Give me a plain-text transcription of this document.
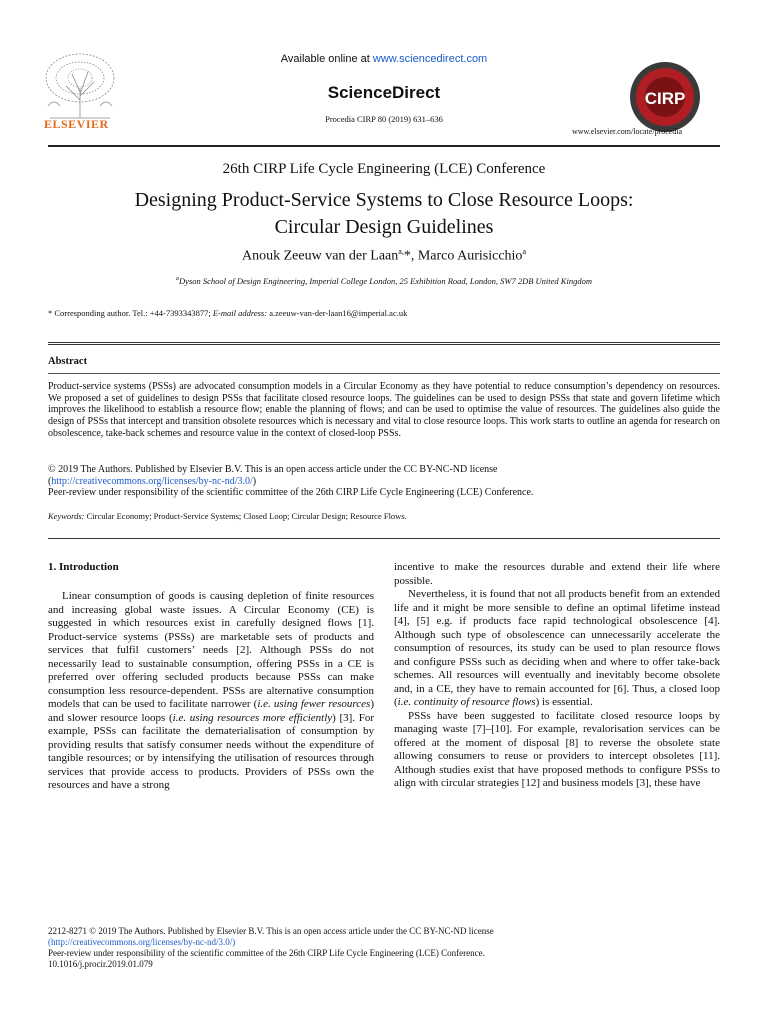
ELSEVIER
Available online at www.sciencedirect.com
ScienceDirect
Procedia CIRP 80 (2019) 631–636
CIRP
www.elsevier.com/locate/procedia
26th CIRP Life Cycle Engineering (LCE) Conference
Designing Product-Service Systems to Close Resource Loops:
Circular Design Guidelines
Anouk Zeeuw van der Laan$^{a,}$*, Marco Aurisicchio$^a$
$^a$Dyson School of Design Engineering, Imperial College London, 25 Exhibition Road, London, SW7 2DB United Kingdom
* Corresponding author. Tel.: +44-7393343877; E-mail address: a.zeeuw-van-der-laan16@imperial.ac.uk
Abstract
Product-service systems (PSSs) are advocated consumption models in a Circular Economy as they have potential to reduce consumption’s dependency on resources. We proposed a set of guidelines to design PSSs that facilitate closed resource loops. The guidelines can be used to design PSSs that state and govern lifetime which improves the likelihood to establish a resource flow; enable the planning of flows; and can be used to optimise the value of resources. The guidelines also guide the design of PSSs that intercept and transition obsolete resources which is necessary and vital to close resource loops. This work starts to outline an agenda for research on obsolescence, take-back schemes and resource value in the context of closed-loop PSSs.
© 2019 The Authors. Published by Elsevier B.V. This is an open access article under the CC BY-NC-ND license
(http://creativecommons.org/licenses/by-nc-nd/3.0/)
Peer-review under responsibility of the scientific committee of the 26th CIRP Life Cycle Engineering (LCE) Conference.
Keywords: Circular Economy; Product-Service Systems; Closed Loop; Circular Design; Resource Flows.
1. Introduction

Linear consumption of goods is causing depletion of finite resources and increasing global waste issues. A Circular Economy (CE) is suggested in which resources exist in carefully designed flows [1]. Product-service systems (PSSs) are marketable sets of products and services that fulfil customers’ needs [2]. Although PSSs do not necessarily lead to sustainable consumption, offering PSSs in a CE is preferred over offering secluded products because PSSs can make consumption less resource-dependent. PSSs are alternative consumption models that can be used to facilitate narrower (i.e. using fewer resources) and slower resource loops (i.e. using resources more efficiently) [3]. For example, PSSs can facilitate the dematerialisation of consumption by providing results that satisfy consumer needs without the expenditure of tangible resources; or by intensifying the utilisation of resources through services that provide access to products. Providers of PSSs own the resources and have a strong

incentive to make the resources durable and extend their life where possible.

Nevertheless, it is found that not all products benefit from an extended life and it might be more sensible to define an optimal lifetime instead [4], [5] e.g. if products face rapid technological obsolescence [4]. Although such type of obsolescence can unnecessarily accelerate the consumption of resources, its study can be used to plan resource flows and configure PSSs such as deciding when and where to offer take-back schemes. All resources will eventually and inevitably become obsolete and, in a CE, they have to remain accounted for [6]. Thus, a closed loop (i.e. continuity of resource flows) is essential.

PSSs have been suggested to facilitate closed resource loops by managing waste [7]–[10]. For example, revalorisation services can be offered at the moment of disposal [8] to reverse the obsolete state allowing consumers to reuse or providers to intercept obsoletes [11]. Although studies exist that have proposed methods to configure PSSs to align with circular strategies [12] and business models [3], these have

2212-8271 © 2019 The Authors. Published by Elsevier B.V. This is an open access article under the CC BY-NC-ND license
(http://creativecommons.org/licenses/by-nc-nd/3.0/)
Peer-review under responsibility of the scientific committee of the 26th CIRP Life Cycle Engineering (LCE) Conference.
10.1016/j.procir.2019.01.079
